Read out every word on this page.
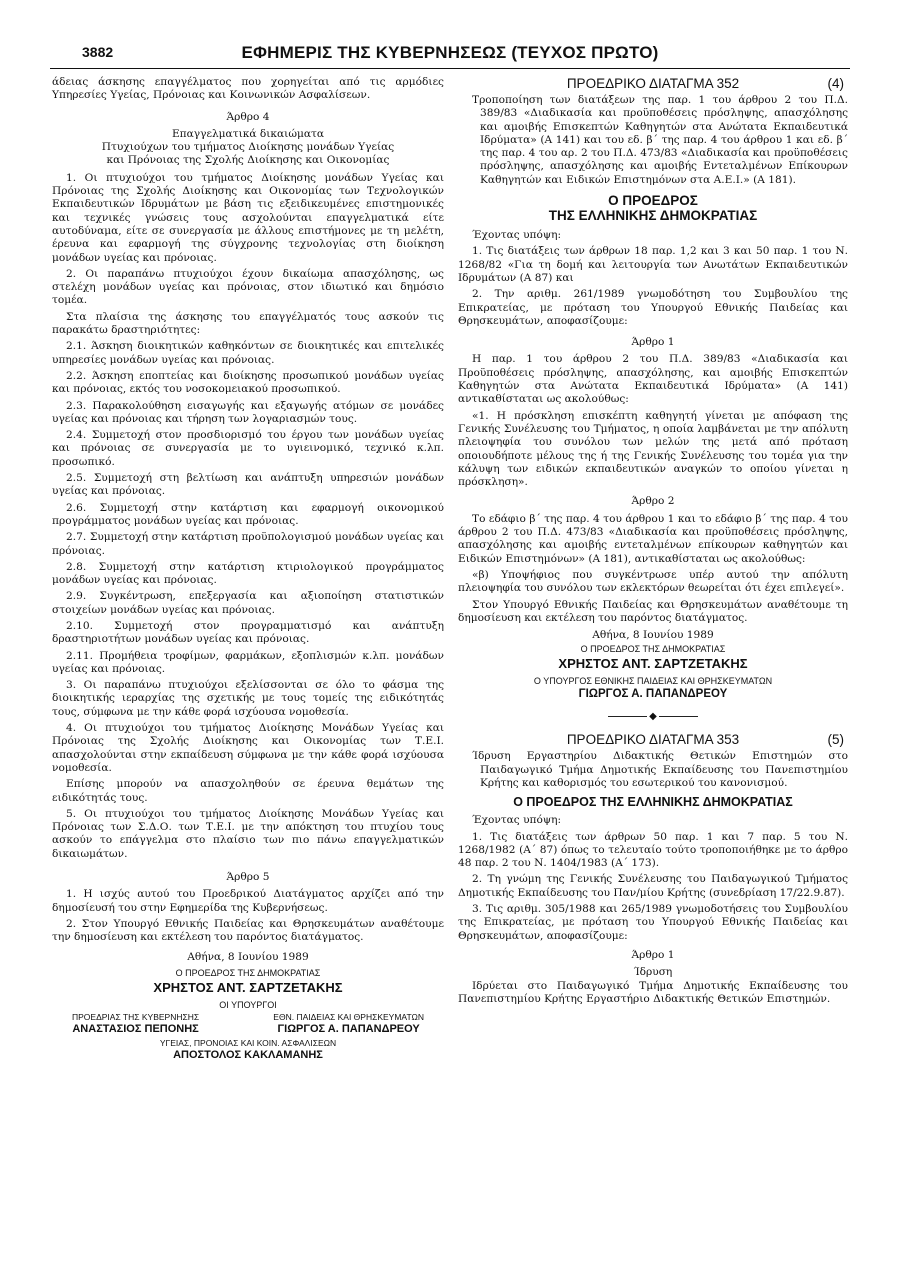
3882	ΕΦΗΜΕΡΙΣ ΤΗΣ ΚΥΒΕΡΝΗΣΕΩΣ (ΤΕΥΧΟΣ ΠΡΩΤΟ)

άδειας άσκησης επαγγέλματος που χορηγείται από τις αρμόδιες Υπηρεσίες Υγείας, Πρόνοιας και Κοινωνικών Ασφαλίσεων.

Άρθρο 4

Επαγγελματικά δικαιώματα

Πτυχιούχων του τμήματος Διοίκησης μονάδων Υγείας και Πρόνοιας της Σχολής Διοίκησης και Οικονομίας

1. Οι πτυχιούχοι του τμήματος Διοίκησης μονάδων Υγείας και Πρόνοιας της Σχολής Διοίκησης και Οικονομίας των Τεχνολογικών Εκπαιδευτικών Ιδρυμάτων με βάση τις εξειδικευμένες επιστημονικές και τεχνικές γνώσεις τους ασχολούνται επαγγελματικά είτε αυτοδύναμα, είτε σε συνεργασία με άλλους επιστήμονες με τη μελέτη, έρευνα και εφαρμογή της σύγχρονης τεχνολογίας στη διοίκηση μονάδων υγείας και πρόνοιας.

2. Οι παραπάνω πτυχιούχοι έχουν δικαίωμα απασχόλησης, ως στελέχη μονάδων υγείας και πρόνοιας, στον ιδιωτικό και δημόσιο τομέα.

Στα πλαίσια της άσκησης του επαγγέλματός τους ασκούν τις παρακάτω δραστηριότητες:

2.1. Άσκηση διοικητικών καθηκόντων σε διοικητικές και επιτελικές υπηρεσίες μονάδων υγείας και πρόνοιας.

2.2. Άσκηση εποπτείας και διοίκησης προσωπικού μονάδων υγείας και πρόνοιας, εκτός του νοσοκομειακού προσωπικού.

2.3. Παρακολούθηση εισαγωγής και εξαγωγής ατόμων σε μονάδες υγείας και πρόνοιας και τήρηση των λογαριασμών τους.

2.4. Συμμετοχή στον προσδιορισμό του έργου των μονάδων υγείας και πρόνοιας σε συνεργασία με το υγιεινομικό, τεχνικό κ.λπ. προσωπικό.

2.5. Συμμετοχή στη βελτίωση και ανάπτυξη υπηρεσιών μονάδων υγείας και πρόνοιας.

2.6. Συμμετοχή στην κατάρτιση και εφαρμογή οικονομικού προγράμματος μονάδων υγείας και πρόνοιας.

2.7. Συμμετοχή στην κατάρτιση προϋπολογισμού μονάδων υγείας και πρόνοιας.

2.8. Συμμετοχή στην κατάρτιση κτιριολογικού προγράμματος μονάδων υγείας και πρόνοιας.

2.9. Συγκέντρωση, επεξεργασία και αξιοποίηση στατιστικών στοιχείων μονάδων υγείας και πρόνοιας.

2.10. Συμμετοχή στον προγραμματισμό και ανάπτυξη δραστηριοτήτων μονάδων υγείας και πρόνοιας.

2.11. Προμήθεια τροφίμων, φαρμάκων, εξοπλισμών κ.λπ. μονάδων υγείας και πρόνοιας.

3. Οι παραπάνω πτυχιούχοι εξελίσσονται σε όλο το φάσμα της διοικητικής ιεραρχίας της σχετικής με τους τομείς της ειδικότητάς τους, σύμφωνα με την κάθε φορά ισχύουσα νομοθεσία.

4. Οι πτυχιούχοι του τμήματος Διοίκησης Μονάδων Υγείας και Πρόνοιας της Σχολής Διοίκησης και Οικονομίας των Τ.Ε.Ι. απασχολούνται στην εκπαίδευση σύμφωνα με την κάθε φορά ισχύουσα νομοθεσία.

Επίσης μπορούν να απασχοληθούν σε έρευνα θεμάτων της ειδικότητάς τους.

5. Οι πτυχιούχοι του τμήματος Διοίκησης Μονάδων Υγείας και Πρόνοιας των Σ.Δ.Ο. των Τ.Ε.Ι. με την απόκτηση του πτυχίου τους ασκούν το επάγγελμα στο πλαίσιο των πιο πάνω επαγγελματικών δικαιωμάτων.

Άρθρο 5

1. Η ισχύς αυτού του Προεδρικού Διατάγματος αρχίζει από την δημοσίευσή του στην Εφημερίδα της Κυβερνήσεως.

2. Στον Υπουργό Εθνικής Παιδείας και Θρησκευμάτων αναθέτουμε την δημοσίευση και εκτέλεση του παρόντος διατάγματος.

Αθήνα, 8 Ιουνίου 1989

Ο ΠΡΟΕΔΡΟΣ ΤΗΣ ΔΗΜΟΚΡΑΤΙΑΣ
ΧΡΗΣΤΟΣ ΑΝΤ. ΣΑΡΤΖΕΤΑΚΗΣ
ΟΙ ΥΠΟΥΡΓΟΙ
ΠΡΟΕΔΡΙΑΣ ΤΗΣ ΚΥΒΕΡΝΗΣΗΣ
ΑΝΑΣΤΑΣΙΟΣ ΠΕΠΟΝΗΣ
ΕΘΝ. ΠΑΙΔΕΙΑΣ ΚΑΙ ΘΡΗΣΚΕΥΜΑΤΩΝ
ΓΙΩΡΓΟΣ Α. ΠΑΠΑΝΔΡΕΟΥ
ΥΓΕΙΑΣ, ΠΡΟΝΟΙΑΣ ΚΑΙ ΚΟΙΝ. ΑΣΦΑΛΙΣΕΩΝ
ΑΠΟΣΤΟΛΟΣ ΚΑΚΛΑΜΑΝΗΣ
ΠΡΟΕΔΡΙΚΟ ΔΙΑΤΑΓΜΑ 352	(4)

Τροποποίηση των διατάξεων της παρ. 1 του άρθρου 2 του Π.Δ. 389/83 «Διαδικασία και προϋποθέσεις πρόσληψης, απασχόλησης και αμοιβής Επισκεπτών Καθηγητών στα Ανώτατα Εκπαιδευτικά Ιδρύματα» (Α 141) και του εδ. β΄ της παρ. 4 του άρθρου 1 και εδ. β΄ της παρ. 4 του αρ. 2 του Π.Δ. 473/83 «Διαδικασία και προϋποθέσεις πρόσληψης, απασχόλησης και αμοιβής Εντεταλμένων Επίκουρων Καθηγητών και Ειδικών Επιστημόνων στα Α.Ε.Ι.» (Α 181).

Ο ΠΡΟΕΔΡΟΣ
ΤΗΣ ΕΛΛΗΝΙΚΗΣ ΔΗΜΟΚΡΑΤΙΑΣ

Έχοντας υπόψη:

1. Τις διατάξεις των άρθρων 18 παρ. 1,2 και 3 και 50 παρ. 1 του Ν. 1268/82 «Για τη δομή και λειτουργία των Ανωτάτων Εκπαιδευτικών Ιδρυμάτων (Α 87) και

2. Την αριθμ. 261/1989 γνωμοδότηση του Συμβουλίου της Επικρατείας, με πρόταση του Υπουργού Εθνικής Παιδείας και Θρησκευμάτων, αποφασίζουμε:

Άρθρο 1

Η παρ. 1 του άρθρου 2 του Π.Δ. 389/83 «Διαδικασία και Προϋποθέσεις πρόσληψης, απασχόλησης, και αμοιβής Επισκεπτών Καθηγητών στα Ανώτατα Εκπαιδευτικά Ιδρύματα» (Α 141) αντικαθίσταται ως ακολούθως:

«1. Η πρόσκληση επισκέπτη καθηγητή γίνεται με απόφαση της Γενικής Συνέλευσης του Τμήματος, η οποία λαμβάνεται με την απόλυτη πλειοψηφία του συνόλου των μελών της μετά από πρόταση οποιουδήποτε μέλους της ή της Γενικής Συνέλευσης του τομέα για την κάλυψη των ειδικών εκπαιδευτικών αναγκών το οποίου γίνεται η πρόσκληση».

Άρθρο 2

Το εδάφιο β΄ της παρ. 4 του άρθρου 1 και το εδάφιο β΄ της παρ. 4 του άρθρου 2 του Π.Δ. 473/83 «Διαδικασία και προϋποθέσεις πρόσληψης, απασχόλησης και αμοιβής εντεταλμένων επίκουρων καθηγητών και Ειδικών Επιστημόνων» (Α 181), αντικαθίσταται ως ακολούθως:

«β) Υποψήφιος που συγκέντρωσε υπέρ αυτού την απόλυτη πλειοψηφία του συνόλου των εκλεκτόρων θεωρείται ότι έχει επιλεγεί».

Στον Υπουργό Εθνικής Παιδείας και Θρησκευμάτων αναθέτουμε τη δημοσίευση και εκτέλεση του παρόντος διατάγματος.

Αθήνα, 8 Ιουνίου 1989

Ο ΠΡΟΕΔΡΟΣ ΤΗΣ ΔΗΜΟΚΡΑΤΙΑΣ
ΧΡΗΣΤΟΣ ΑΝΤ. ΣΑΡΤΖΕΤΑΚΗΣ
Ο ΥΠΟΥΡΓΟΣ ΕΘΝΙΚΗΣ ΠΑΙΔΕΙΑΣ ΚΑΙ ΘΡΗΣΚΕΥΜΑΤΩΝ
ΓΙΩΡΓΟΣ Α. ΠΑΠΑΝΔΡΕΟΥ
◆
ΠΡΟΕΔΡΙΚΟ ΔΙΑΤΑΓΜΑ 353	(5)

Ίδρυση Εργαστηρίου Διδακτικής Θετικών Επιστημών στο Παιδαγωγικό Τμήμα Δημοτικής Εκπαίδευσης του Πανεπιστημίου Κρήτης και καθορισμός του εσωτερικού του κανονισμού.

Ο ΠΡΟΕΔΡΟΣ ΤΗΣ ΕΛΛΗΝΙΚΗΣ ΔΗΜΟΚΡΑΤΙΑΣ

Έχοντας υπόψη:

1. Τις διατάξεις των άρθρων 50 παρ. 1 και 7 παρ. 5 του Ν. 1268/1982 (Α΄ 87) όπως το τελευταίο τούτο τροποποιήθηκε με το άρθρο 48 παρ. 2 του Ν. 1404/1983 (Α΄ 173).

2. Τη γνώμη της Γενικής Συνέλευσης του Παιδαγωγικού Τμήματος Δημοτικής Εκπαίδευσης του Παν/μίου Κρήτης (συνεδρίαση 17/22.9.87).

3. Τις αριθμ. 305/1988 και 265/1989 γνωμοδοτήσεις του Συμβουλίου της Επικρατείας, με πρόταση του Υπουργού Εθνικής Παιδείας και Θρησκευμάτων, αποφασίζουμε:

Άρθρο 1

Ίδρυση

Ιδρύεται στο Παιδαγωγικό Τμήμα Δημοτικής Εκπαίδευσης του Πανεπιστημίου Κρήτης Εργαστήριο Διδακτικής Θετικών Επιστημών.
